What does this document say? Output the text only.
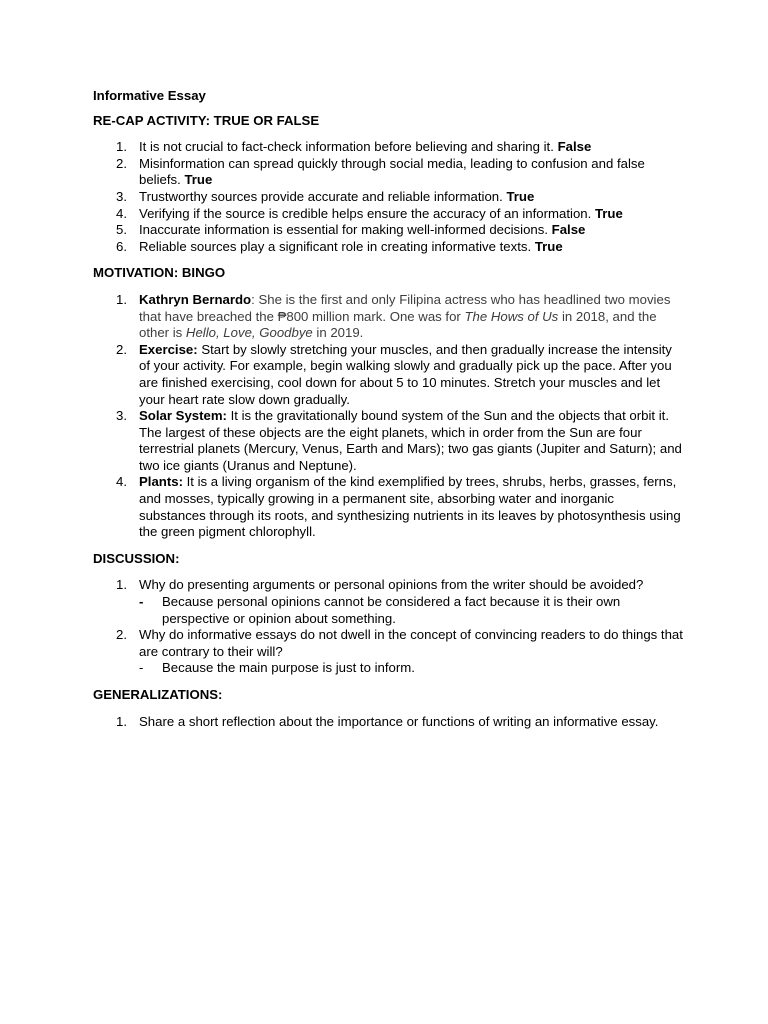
Informative Essay
RE-CAP ACTIVITY: TRUE OR FALSE
1. It is not crucial to fact-check information before believing and sharing it. False
2. Misinformation can spread quickly through social media, leading to confusion and false beliefs. True
3. Trustworthy sources provide accurate and reliable information. True
4. Verifying if the source is credible helps ensure the accuracy of an information. True
5. Inaccurate information is essential for making well-informed decisions. False
6. Reliable sources play a significant role in creating informative texts. True
MOTIVATION: BINGO
1. Kathryn Bernardo: She is the first and only Filipina actress who has headlined two movies that have breached the ₱800 million mark. One was for The Hows of Us in 2018, and the other is Hello, Love, Goodbye in 2019.
2. Exercise: Start by slowly stretching your muscles, and then gradually increase the intensity of your activity. For example, begin walking slowly and gradually pick up the pace. After you are finished exercising, cool down for about 5 to 10 minutes. Stretch your muscles and let your heart rate slow down gradually.
3. Solar System: It is the gravitationally bound system of the Sun and the objects that orbit it. The largest of these objects are the eight planets, which in order from the Sun are four terrestrial planets (Mercury, Venus, Earth and Mars); two gas giants (Jupiter and Saturn); and two ice giants (Uranus and Neptune).
4. Plants: It is a living organism of the kind exemplified by trees, shrubs, herbs, grasses, ferns, and mosses, typically growing in a permanent site, absorbing water and inorganic substances through its roots, and synthesizing nutrients in its leaves by photosynthesis using the green pigment chlorophyll.
DISCUSSION:
1. Why do presenting arguments or personal opinions from the writer should be avoided?
- Because personal opinions cannot be considered a fact because it is their own perspective or opinion about something.
2. Why do informative essays do not dwell in the concept of convincing readers to do things that are contrary to their will?
- Because the main purpose is just to inform.
GENERALIZATIONS:
1. Share a short reflection about the importance or functions of writing an informative essay.
